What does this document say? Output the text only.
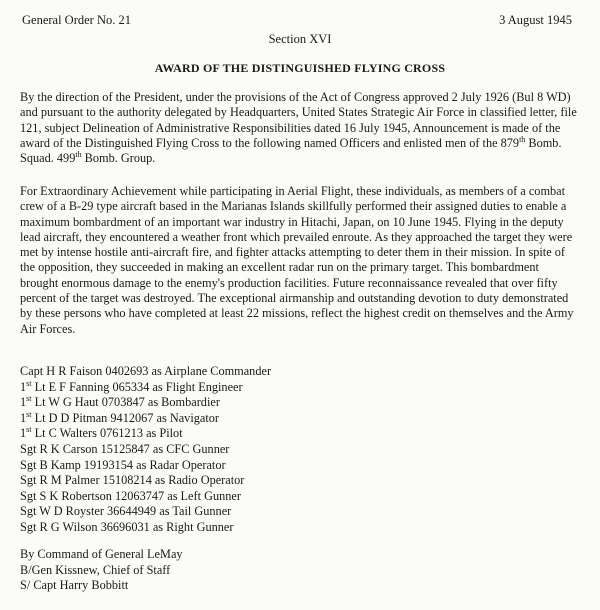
General Order No. 21	3 August 1945
Section XVI
AWARD OF THE DISTINGUISHED FLYING CROSS

By the direction of the President, under the provisions of the Act of Congress approved 2 July 1926 (Bul 8 WD) and pursuant to the authority delegated by Headquarters, United States Strategic Air Force in classified letter, file 121, subject Delineation of Administrative Responsibilities dated 16 July 1945, Announcement is made of the award of the Distinguished Flying Cross to the following named Officers and enlisted men of the 879th Bomb. Squad. 499th Bomb. Group.

For Extraordinary Achievement while participating in Aerial Flight, these individuals, as members of a combat crew of a B-29 type aircraft based in the Marianas Islands skillfully performed their assigned duties to enable a maximum bombardment of an important war industry in Hitachi, Japan, on 10 June 1945. Flying in the deputy lead aircraft, they encountered a weather front which prevailed enroute. As they approached the target they were met by intense hostile anti-aircraft fire, and fighter attacks attempting to deter them in their mission. In spite of the opposition, they succeeded in making an excellent radar run on the primary target. This bombardment brought enormous damage to the enemy's production facilities. Future reconnaissance revealed that over fifty percent of the target was destroyed. The exceptional airmanship and outstanding devotion to duty demonstrated by these persons who have completed at least 22 missions, reflect the highest credit on themselves and the Army Air Forces.

Capt H R Faison 0402693 as Airplane Commander
1st Lt E F Fanning 065334 as Flight Engineer
1st Lt W G Haut 0703847 as Bombardier
1st Lt D D Pitman 9412067 as Navigator
1st Lt C Walters 0761213 as Pilot
Sgt R K Carson 15125847 as CFC Gunner
Sgt B Kamp 19193154 as Radar Operator
Sgt R M Palmer 15108214 as Radio Operator
Sgt S K Robertson 12063747 as Left Gunner
Sgt W D Royster 36644949 as Tail Gunner
Sgt R G Wilson 36696031 as Right Gunner
By Command of General LeMay
B/Gen Kissnew, Chief of Staff
S/ Capt Harry Bobbitt
